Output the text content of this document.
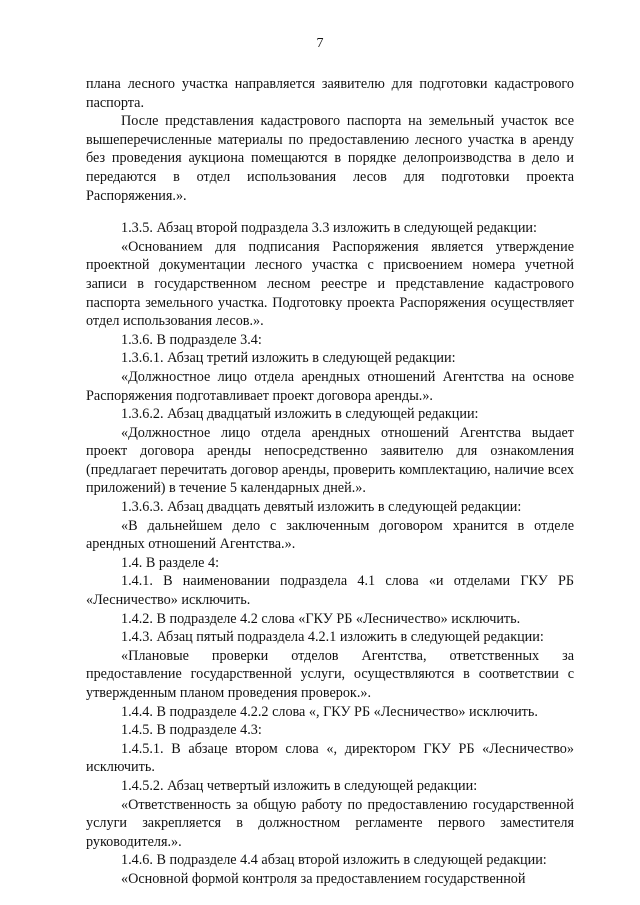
7

плана лесного участка направляется заявителю для подготовки кадастрового паспорта.

После представления кадастрового паспорта на земельный участок все вышеперечисленные материалы по предоставлению лесного участка в аренду без проведения аукциона помещаются в порядке делопроизводства в дело и передаются в отдел использования лесов для подготовки проекта Распоряжения.».

1.3.5. Абзац второй подраздела 3.3 изложить в следующей редакции:

«Основанием для подписания Распоряжения является утверждение проектной документации лесного участка с присвоением номера учетной записи в государственном лесном реестре и представление кадастрового паспорта земельного участка. Подготовку проекта Распоряжения осуществляет отдел использования лесов.».

1.3.6. В подразделе 3.4:

1.3.6.1. Абзац третий изложить в следующей редакции:

«Должностное лицо отдела арендных отношений Агентства на основе Распоряжения подготавливает проект договора аренды.».

1.3.6.2. Абзац двадцатый изложить в следующей редакции:

«Должностное лицо отдела арендных отношений Агентства выдает проект договора аренды непосредственно заявителю для ознакомления (предлагает перечитать договор аренды, проверить комплектацию, наличие всех приложений) в течение 5 календарных дней.».

1.3.6.3. Абзац двадцать девятый изложить в следующей редакции:

«В дальнейшем дело с заключенным договором хранится в отделе арендных отношений Агентства.».

1.4. В разделе 4:

1.4.1. В наименовании подраздела 4.1 слова «и отделами ГКУ РБ «Лесничество» исключить.

1.4.2. В подразделе 4.2 слова «ГКУ РБ «Лесничество» исключить.

1.4.3. Абзац пятый подраздела 4.2.1 изложить в следующей редакции:

«Плановые проверки отделов Агентства, ответственных за предоставление государственной услуги, осуществляются в соответствии с утвержденным планом проведения проверок.».

1.4.4. В подразделе 4.2.2 слова «, ГКУ РБ «Лесничество» исключить.

1.4.5. В подразделе 4.3:

1.4.5.1. В абзаце втором слова «, директором ГКУ РБ «Лесничество» исключить.

1.4.5.2. Абзац четвертый изложить в следующей редакции:

«Ответственность за общую работу по предоставлению государственной услуги закрепляется в должностном регламенте первого заместителя руководителя.».

1.4.6. В подразделе 4.4 абзац второй изложить в следующей редакции:

«Основной формой контроля за предоставлением государственной
